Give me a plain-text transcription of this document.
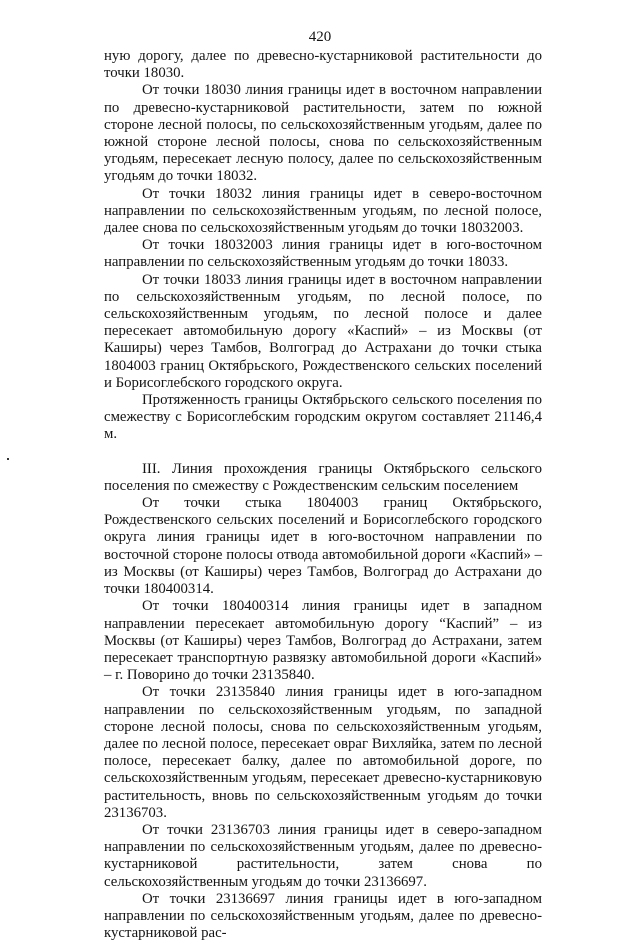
420

ную дорогу, далее по древесно-кустарниковой растительности до точки 18030.

От точки 18030 линия границы идет в восточном направлении по древесно-кустарниковой растительности, затем по южной стороне лесной полосы, по сельскохозяйственным угодьям, далее по южной стороне лесной полосы, снова по сельскохозяйственным угодьям, пересекает лесную полосу, далее по сельскохозяйственным угодьям до точки 18032.

От точки 18032 линия границы идет в северо-восточном направлении по сельскохозяйственным угодьям, по лесной полосе, далее снова по сельскохозяйственным угодьям до точки 18032003.

От точки 18032003 линия границы идет в юго-восточном направлении по сельскохозяйственным угодьям до точки 18033.

От точки 18033 линия границы идет в восточном направлении по сельскохозяйственным угодьям, по лесной полосе, по сельскохозяйственным угодьям, по лесной полосе и далее пересекает автомобильную дорогу «Каспий» – из Москвы (от Каширы) через Тамбов, Волгоград до Астрахани до точки стыка 1804003 границ Октябрьского, Рождественского сельских поселений и Борисоглебского городского округа.

Протяженность границы Октябрьского сельского поселения по смежеству с Борисоглебским городским округом составляет 21146,4 м.

III. Линия прохождения границы Октябрьского сельского поселения по смежеству с Рождественским сельским поселением

От точки стыка 1804003 границ Октябрьского, Рождественского сельских поселений и Борисоглебского городского округа линия границы идет в юго-восточном направлении по восточной стороне полосы отвода автомобильной дороги «Каспий» – из Москвы (от Каширы) через Тамбов, Волгоград до Астрахани до точки 180400314.

От точки 180400314 линия границы идет в западном направлении пересекает автомобильную дорогу “Каспий” – из Москвы (от Каширы) через Тамбов, Волгоград до Астрахани, затем пересекает транспортную развязку автомобильной дороги «Каспий» – г. Поворино до точки 23135840.

От точки 23135840 линия границы идет в юго-западном направлении по сельскохозяйственным угодьям, по западной стороне лесной полосы, снова по сельскохозяйственным угодьям, далее по лесной полосе, пересекает овраг Вихляйка, затем по лесной полосе, пересекает балку, далее по автомобильной дороге, по сельскохозяйственным угодьям, пересекает древесно-кустарниковую растительность, вновь по сельскохозяйственным угодьям до точки 23136703.

От точки 23136703 линия границы идет в северо-западном направлении по сельскохозяйственным угодьям, далее по древесно-кустарниковой растительности, затем снова по сельскохозяйственным угодьям до точки 23136697.

От точки 23136697 линия границы идет в юго-западном направлении по сельскохозяйственным угодьям, далее по древесно-кустарниковой рас-
